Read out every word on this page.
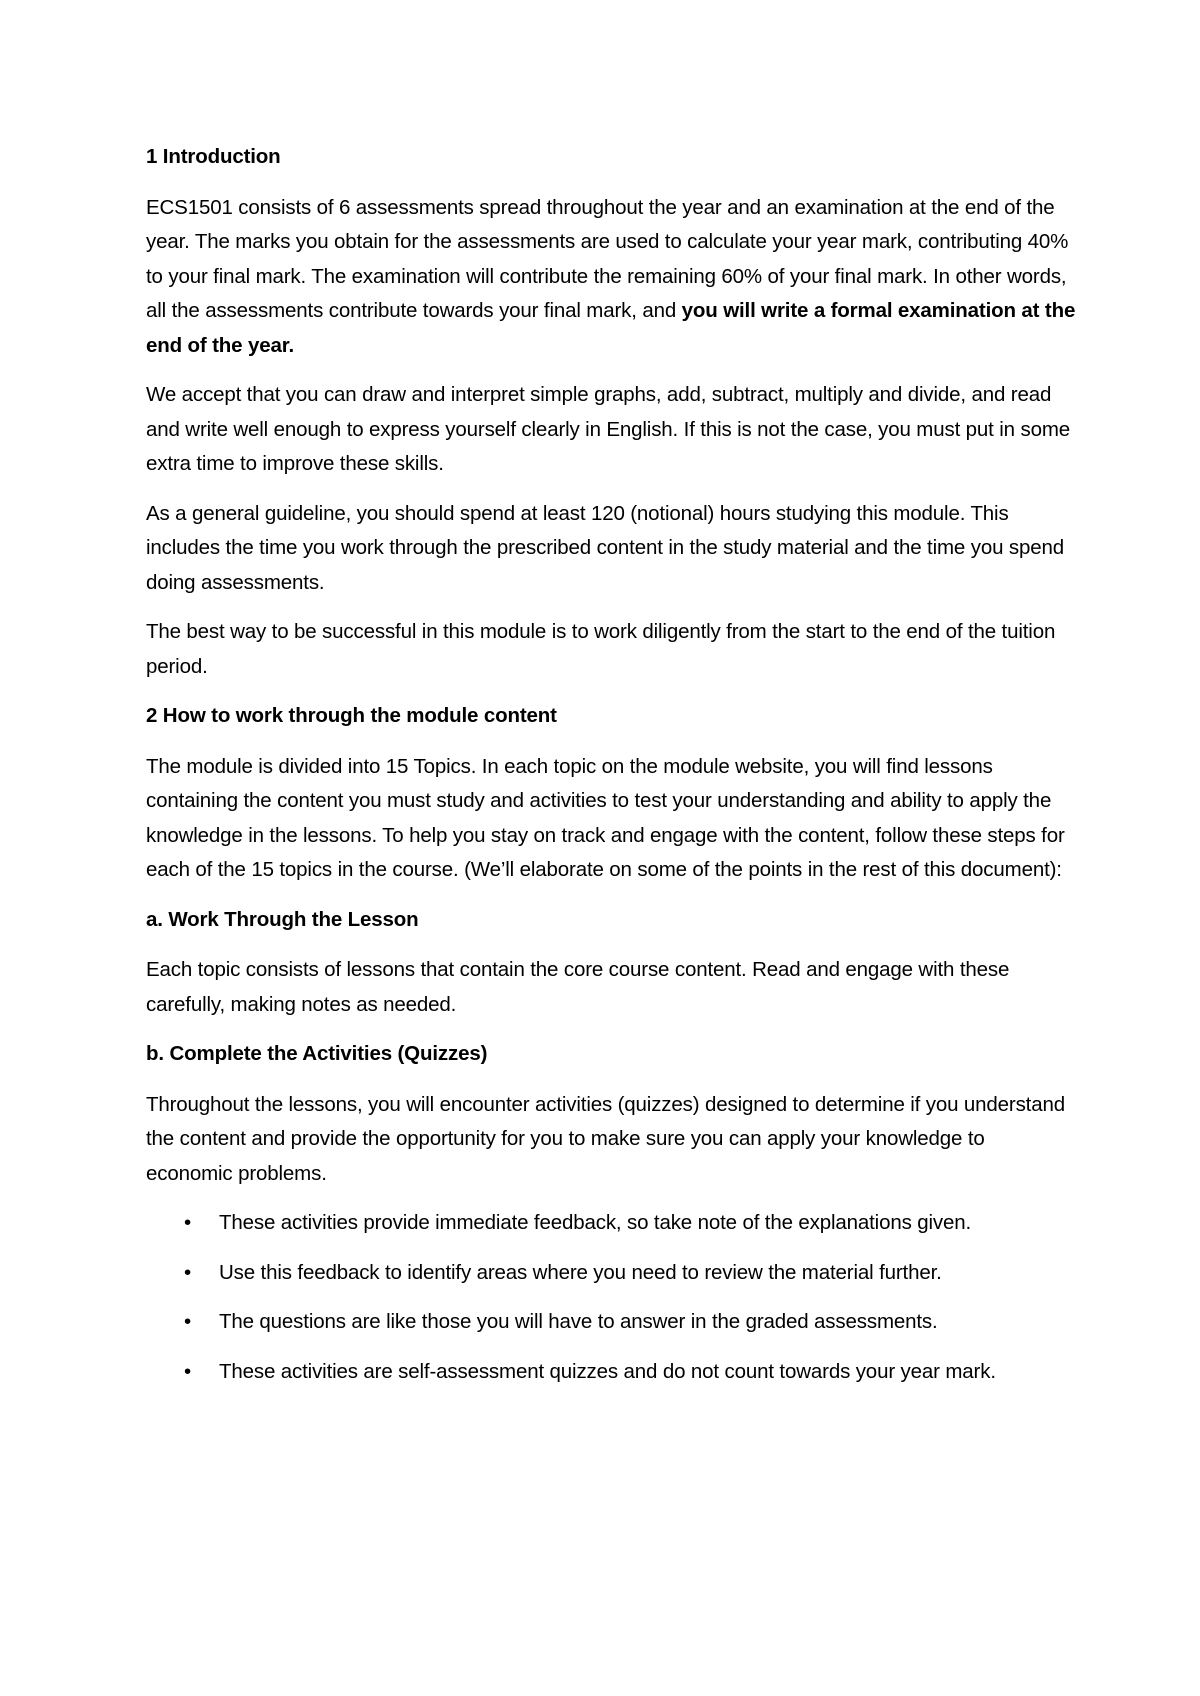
1 Introduction

ECS1501 consists of 6 assessments spread throughout the year and an examination at the end of the year. The marks you obtain for the assessments are used to calculate your year mark, contributing 40% to your final mark. The examination will contribute the remaining 60% of your final mark. In other words, all the assessments contribute towards your final mark, and you will write a formal examination at the end of the year.

We accept that you can draw and interpret simple graphs, add, subtract, multiply and divide, and read and write well enough to express yourself clearly in English. If this is not the case, you must put in some extra time to improve these skills.

As a general guideline, you should spend at least 120 (notional) hours studying this module. This includes the time you work through the prescribed content in the study material and the time you spend doing assessments.

The best way to be successful in this module is to work diligently from the start to the end of the tuition period.

2 How to work through the module content

The module is divided into 15 Topics. In each topic on the module website, you will find lessons containing the content you must study and activities to test your understanding and ability to apply the knowledge in the lessons. To help you stay on track and engage with the content, follow these steps for each of the 15 topics in the course. (We’ll elaborate on some of the points in the rest of this document):

a. Work Through the Lesson

Each topic consists of lessons that contain the core course content. Read and engage with these carefully, making notes as needed.

b. Complete the Activities (Quizzes)

Throughout the lessons, you will encounter activities (quizzes) designed to determine if you understand the content and provide the opportunity for you to make sure you can apply your knowledge to economic problems.

• These activities provide immediate feedback, so take note of the explanations given.
• Use this feedback to identify areas where you need to review the material further.
• The questions are like those you will have to answer in the graded assessments.
• These activities are self-assessment quizzes and do not count towards your year mark.
